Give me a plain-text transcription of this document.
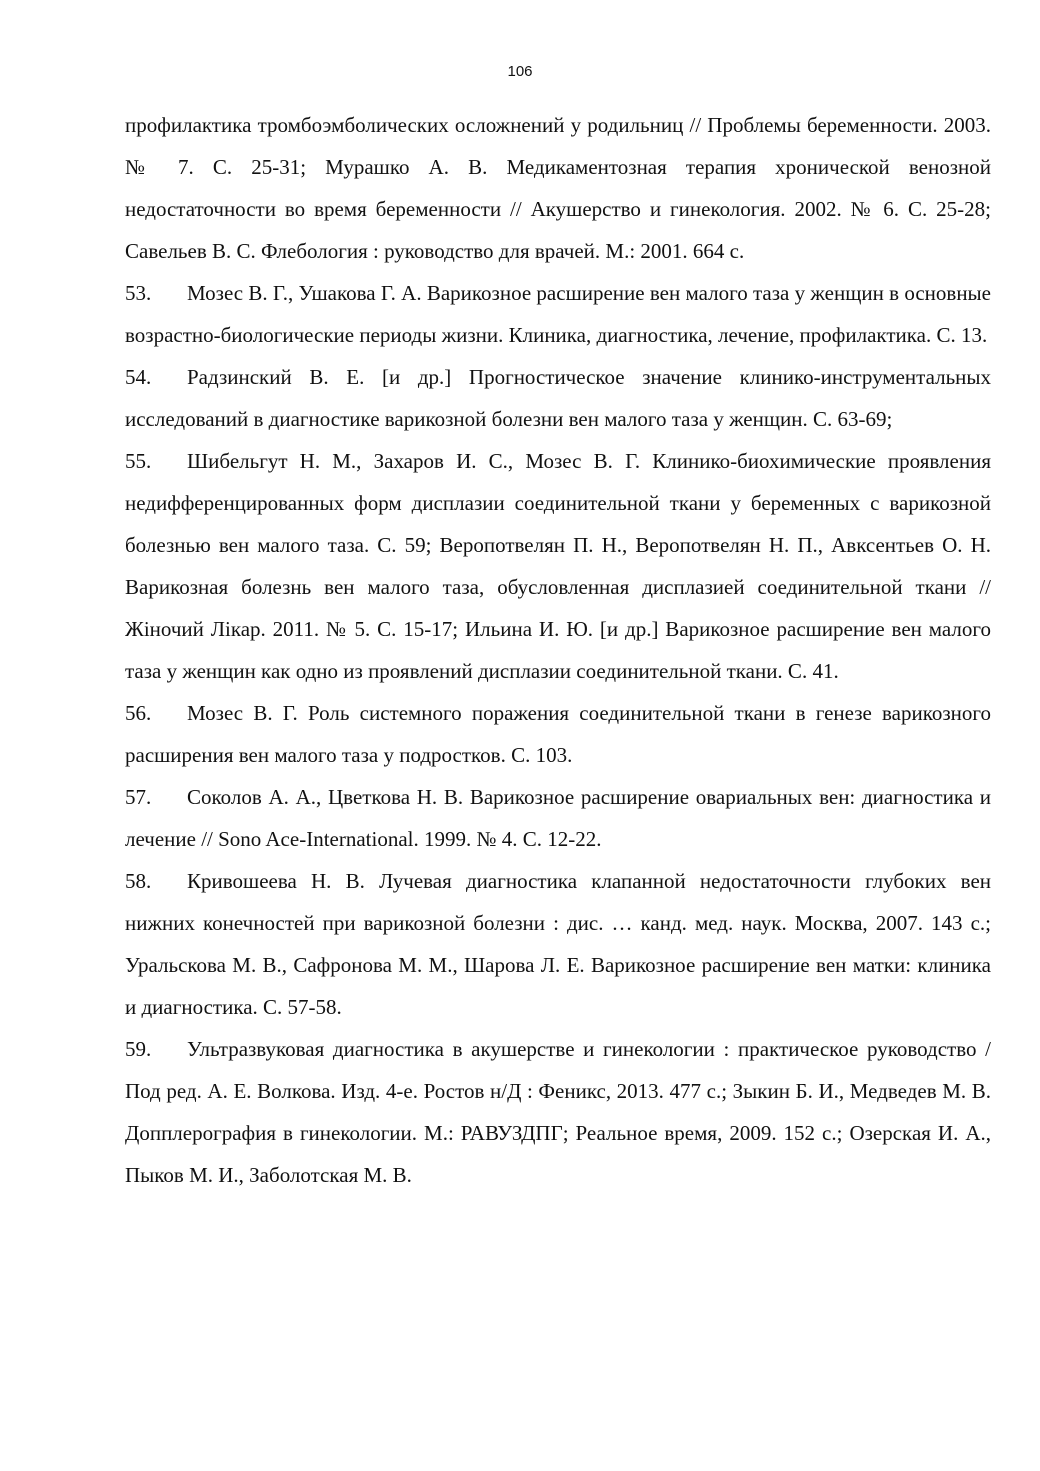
106

профилактика тромбоэмболических осложнений у родильниц // Проблемы беременности. 2003. № 7. С. 25-31; Мурашко А. В. Медикаментозная терапия хронической венозной недостаточности во время беременности // Акушерство и гинекология. 2002. № 6. С. 25-28; Савельев В. С. Флебология : руководство для врачей. М.: 2001. 664 с.

53. Мозес В. Г., Ушакова Г. А. Варикозное расширение вен малого таза у женщин в основные возрастно-биологические периоды жизни. Клиника, диагностика, лечение, профилактика. С. 13.

54. Радзинский В. Е. [и др.] Прогностическое значение клинико-инструментальных исследований в диагностике варикозной болезни вен малого таза у женщин. С. 63-69;

55. Шибельгут Н. М., Захаров И. С., Мозес В. Г. Клинико-биохимические проявления недифференцированных форм дисплазии соединительной ткани у беременных с варикозной болезнью вен малого таза. С. 59; Веропотвелян П. Н., Веропотвелян Н. П., Авксентьев О. Н. Варикозная болезнь вен малого таза, обусловленная дисплазией соединительной ткани // Жіночий Лікар. 2011. № 5. С. 15-17; Ильина И. Ю. [и др.] Варикозное расширение вен малого таза у женщин как одно из проявлений дисплазии соединительной ткани. С. 41.

56. Мозес В. Г. Роль системного поражения соединительной ткани в генезе варикозного расширения вен малого таза у подростков. С. 103.

57. Соколов А. А., Цветкова Н. В. Варикозное расширение овариальных вен: диагностика и лечение // Sono Ace-International. 1999. № 4. С. 12-22.

58. Кривошеева Н. В. Лучевая диагностика клапанной недостаточности глубоких вен нижних конечностей при варикозной болезни : дис. … канд. мед. наук. Москва, 2007. 143 с.; Уральскова М. В., Сафронова М. М., Шарова Л. Е. Варикозное расширение вен матки: клиника и диагностика. С. 57-58.

59. Ультразвуковая диагностика в акушерстве и гинекологии : практическое руководство / Под ред. А. Е. Волкова. Изд. 4-е. Ростов н/Д : Феникс, 2013. 477 с.; Зыкин Б. И., Медведев М. В. Допплерография в гинекологии. М.: РАВУЗДПГ; Реальное время, 2009. 152 с.; Озерская И. А., Пыков М. И., Заболотская М. В.
